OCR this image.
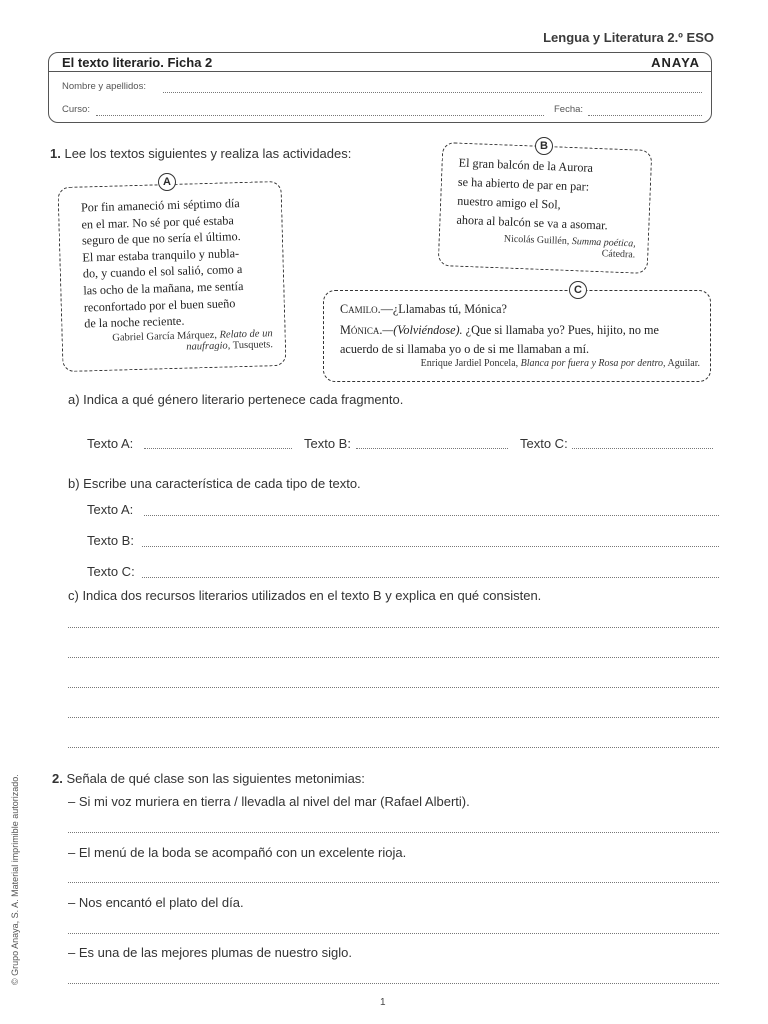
Lengua y Literatura 2.º ESO
El texto literario. Ficha 2	ANAYA
Nombre y apellidos:
Curso:	Fecha:
1. Lee los textos siguientes y realiza las actividades:
Por fin amaneció mi séptimo día
en el mar. No sé por qué estaba
seguro de que no sería el último.
El mar estaba tranquilo y nubla-
do, y cuando el sol salió, como a
las ocho de la mañana, me sentía
reconfortado por el buen sueño
de la noche reciente.
Gabriel García Márquez, Relato de un
naufragio, Tusquets.
A
El gran balcón de la Aurora
se ha abierto de par en par:
nuestro amigo el Sol,
ahora al balcón se va a asomar.
Nicolás Guillén, Summa poética,
Cátedra.
B
Camilo.—¿Llamabas tú, Mónica?
Mónica.—(Volviéndose). ¿Que si llamaba yo? Pues, hijito, no me
acuerdo de si llamaba yo o de si me llamaban a mí.
Enrique Jardiel Poncela, Blanca por fuera y Rosa por dentro, Aguilar.
C
a) Indica a qué género literario pertenece cada fragmento.
Texto A:	Texto B:	Texto C:
b) Escribe una característica de cada tipo de texto.
Texto A:
Texto B:
Texto C:
c) Indica dos recursos literarios utilizados en el texto B y explica en qué consisten.
2. Señala de qué clase son las siguientes metonimias:
– Si mi voz muriera en tierra / llevadla al nivel del mar (Rafael Alberti).
– El menú de la boda se acompañó con un excelente rioja.
– Nos encantó el plato del día.
– Es una de las mejores plumas de nuestro siglo.
© Grupo Anaya, S. A. Material imprimible autorizado.
1
